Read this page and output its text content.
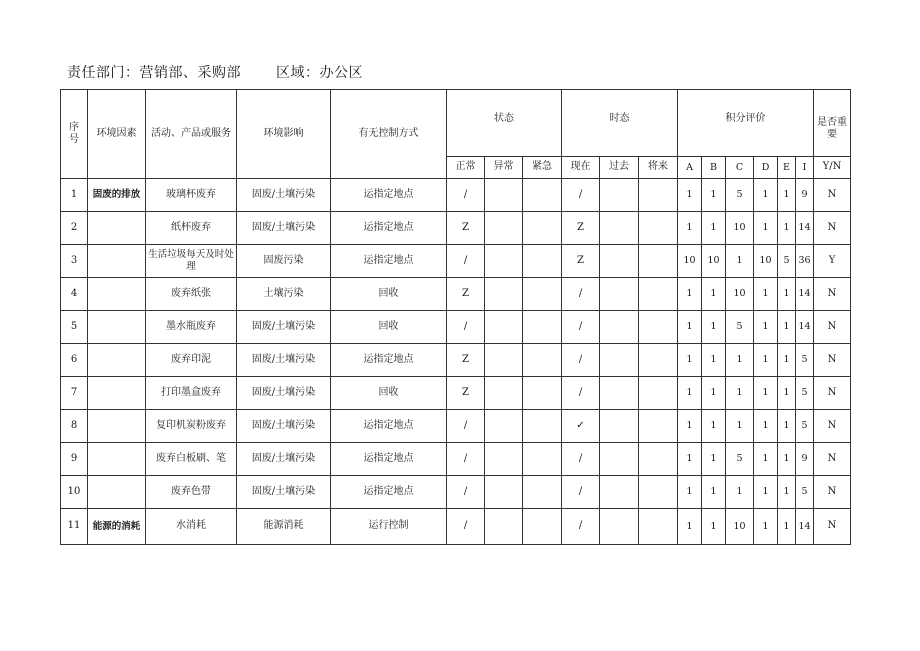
责任部门：营销部、采购部	区域：办公区
序号	环境因素	活动、产品或服务	环境影响	有无控制方式	状态			时态			积分评价						是否重要
					正常	异常	紧急	现在	过去	将来	A	B	C	D	E	Ⅰ	Y/N
1	固废的排放	玻璃杯废弃	固废/土壤污染	运指定地点	/			/			1	1	5	1	1	9	N
2		纸杯废弃	固废/土壤污染	运指定地点	Z			Z			1	1	10	1	1	14	N
3		生活垃圾每天及时处理	固废污染	运指定地点	/			Z			10	10	1	10	5	36	Y
4		废弃纸张	土壤污染	回收	Z			/			1	1	10	1	1	14	N
5		墨水瓶废弃	固废/土壤污染	回收	/			/			1	1	5	1	1	14	N
6		废弃印泥	固废/土壤污染	运指定地点	Z			/			1	1	1	1	1	5	N
7		打印墨盒废弃	固废/土壤污染	回收	Z			/			1	1	1	1	1	5	N
8		复印机炭粉废弃	固废/土壤污染	运指定地点	/			✓			1	1	1	1	1	5	N
9		废弃白板刷、笔	固废/土壤污染	运指定地点	/			/			1	1	5	1	1	9	N
10		废弃色带	固废/土壤污染	运指定地点	/			/			1	1	1	1	1	5	N
11	能源的消耗	水消耗	能源消耗	运行控制	/			/			1	1	10	1	1	14	N
